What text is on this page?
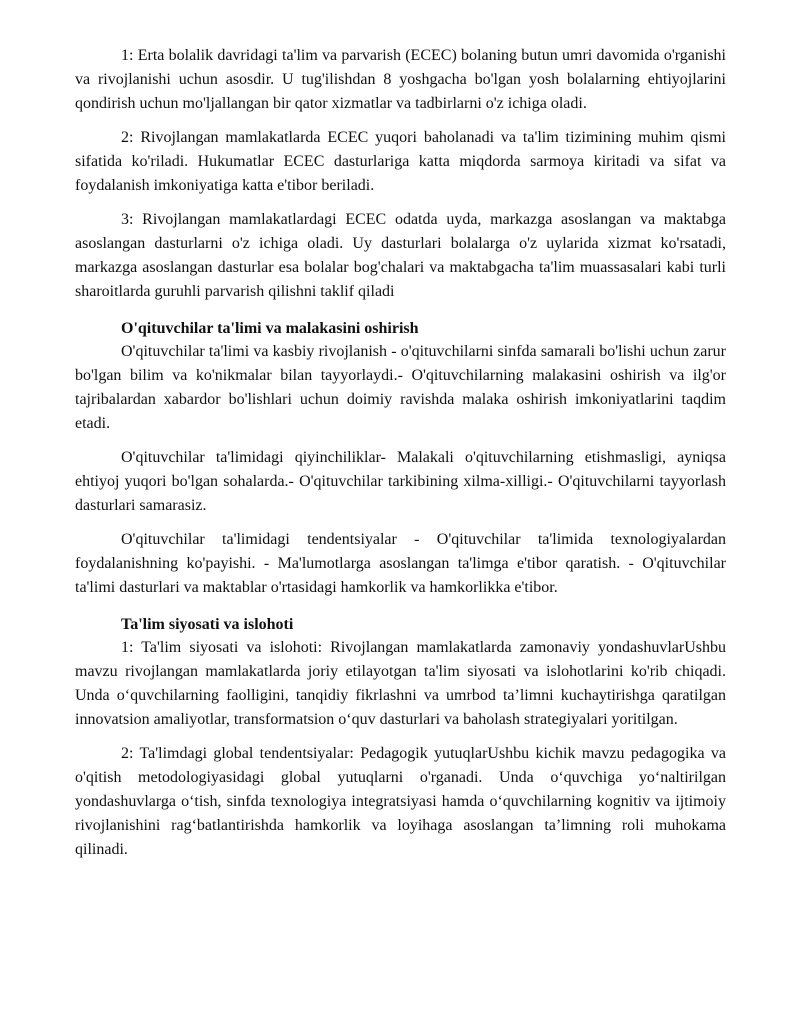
1: Erta bolalik davridagi ta'lim va parvarish (ECEC) bolaning butun umri davomida o'rganishi va rivojlanishi uchun asosdir. U tug'ilishdan 8 yoshgacha bo'lgan yosh bolalarning ehtiyojlarini qondirish uchun mo'ljallangan bir qator xizmatlar va tadbirlarni o'z ichiga oladi.

2: Rivojlangan mamlakatlarda ECEC yuqori baholanadi va ta'lim tizimining muhim qismi sifatida ko'riladi. Hukumatlar ECEC dasturlariga katta miqdorda sarmoya kiritadi va sifat va foydalanish imkoniyatiga katta e'tibor beriladi.

3: Rivojlangan mamlakatlardagi ECEC odatda uyda, markazga asoslangan va maktabga asoslangan dasturlarni o'z ichiga oladi. Uy dasturlari bolalarga o'z uylarida xizmat ko'rsatadi, markazga asoslangan dasturlar esa bolalar bog'chalari va maktabgacha ta'lim muassasalari kabi turli sharoitlarda guruhli parvarish qilishni taklif qiladi

O'qituvchilar ta'limi va malakasini oshirish

O'qituvchilar ta'limi va kasbiy rivojlanish - o'qituvchilarni sinfda samarali bo'lishi uchun zarur bo'lgan bilim va ko'nikmalar bilan tayyorlaydi.- O'qituvchilarning malakasini oshirish va ilg'or tajribalardan xabardor bo'lishlari uchun doimiy ravishda malaka oshirish imkoniyatlarini taqdim etadi.

O'qituvchilar ta'limidagi qiyinchiliklar- Malakali o'qituvchilarning etishmasligi, ayniqsa ehtiyoj yuqori bo'lgan sohalarda.- O'qituvchilar tarkibining xilma-xilligi.- O'qituvchilarni tayyorlash dasturlari samarasiz.

O'qituvchilar ta'limidagi tendentsiyalar - O'qituvchilar ta'limida texnologiyalardan foydalanishning ko'payishi. - Ma'lumotlarga asoslangan ta'limga e'tibor qaratish. - O'qituvchilar ta'limi dasturlari va maktablar o'rtasidagi hamkorlik va hamkorlikka e'tibor.

Ta'lim siyosati va islohoti

1: Ta'lim siyosati va islohoti: Rivojlangan mamlakatlarda zamonaviy yondashuvlarUshbu mavzu rivojlangan mamlakatlarda joriy etilayotgan ta'lim siyosati va islohotlarini ko'rib chiqadi. Unda o‘quvchilarning faolligini, tanqidiy fikrlashni va umrbod ta’limni kuchaytirishga qaratilgan innovatsion amaliyotlar, transformatsion o‘quv dasturlari va baholash strategiyalari yoritilgan.

2: Ta'limdagi global tendentsiyalar: Pedagogik yutuqlarUshbu kichik mavzu pedagogika va o'qitish metodologiyasidagi global yutuqlarni o'rganadi. Unda o‘quvchiga yo‘naltirilgan yondashuvlarga o‘tish, sinfda texnologiya integratsiyasi hamda o‘quvchilarning kognitiv va ijtimoiy rivojlanishini rag‘batlantirishda hamkorlik va loyihaga asoslangan ta’limning roli muhokama qilinadi.
